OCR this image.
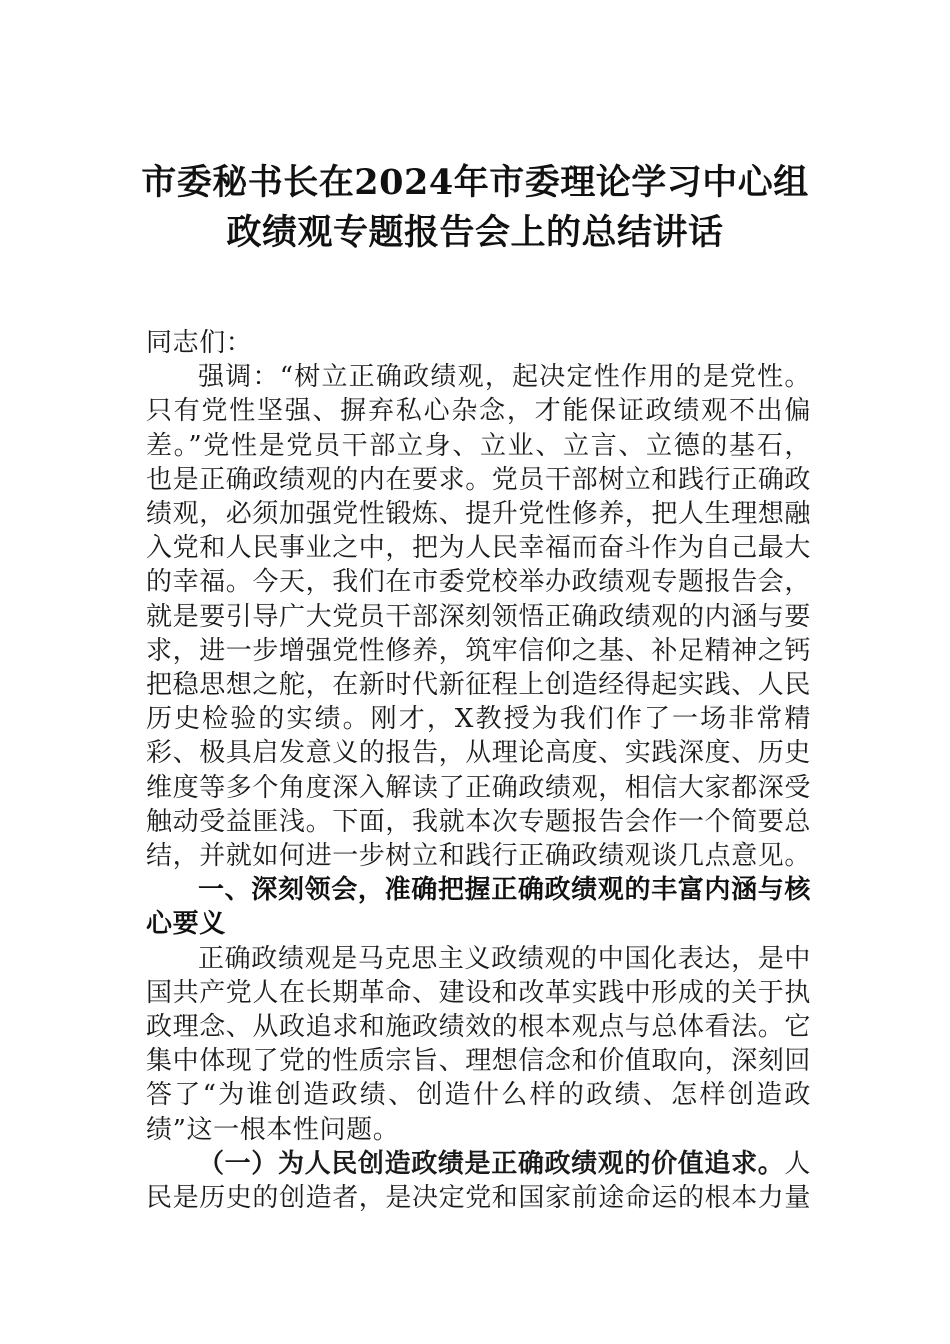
市委秘书长在2024年市委理论学习中心组
政绩观专题报告会上的总结讲话

同志们：

强调：“树立正确政绩观，起决定性作用的是党性。只有党性坚强、摒弃私心杂念，才能保证政绩观不出偏差。”党性是党员干部立身、立业、立言、立德的基石，也是正确政绩观的内在要求。党员干部树立和践行正确政绩观，必须加强党性锻炼、提升党性修养，把人生理想融入党和人民事业之中，把为人民幸福而奋斗作为自己最大的幸福。今天，我们在市委党校举办政绩观专题报告会，就是要引导广大党员干部深刻领悟正确政绩观的内涵与要求，进一步增强党性修养，筑牢信仰之基、补足精神之钙把稳思想之舵，在新时代新征程上创造经得起实践、人民历史检验的实绩。刚才，X教授为我们作了一场非常精彩、极具启发意义的报告，从理论高度、实践深度、历史维度等多个角度深入解读了正确政绩观，相信大家都深受触动受益匪浅。下面，我就本次专题报告会作一个简要总结，并就如何进一步树立和践行正确政绩观谈几点意见。

一、深刻领会，准确把握正确政绩观的丰富内涵与核心要义

正确政绩观是马克思主义政绩观的中国化表达，是中国共产党人在长期革命、建设和改革实践中形成的关于执政理念、从政追求和施政绩效的根本观点与总体看法。它集中体现了党的性质宗旨、理想信念和价值取向，深刻回答了“为谁创造政绩、创造什么样的政绩、怎样创造政绩”这一根本性问题。

（一）为人民创造政绩是正确政绩观的价值追求。人民是历史的创造者，是决定党和国家前途命运的根本力量
